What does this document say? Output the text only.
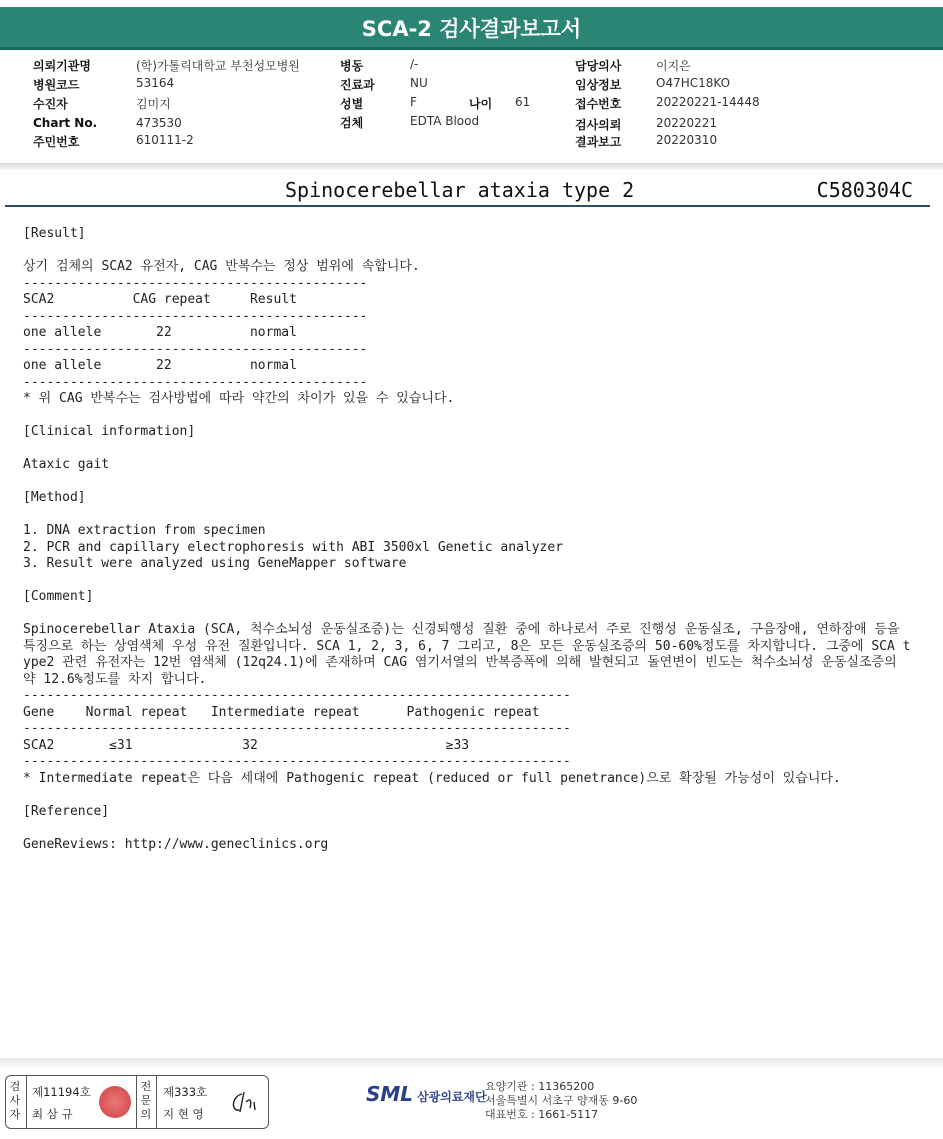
SCA-2 검사결과보고서
의뢰기관명	(학)가톨릭대학교 부천성모병원
병원코드	53164
수진자	김미지
Chart No.	473530
주민번호	610111-2
병동	/-
진료과	NU
성별	F	나이 61
검체	EDTA Blood
담당의사	이지은
임상정보	O47HC18KO
접수번호	20220221-14448
검사의뢰	20220221
결과보고	20220310
Spinocerebellar ataxia type 2	C580304C
[Result]
상기 검체의 SCA2 유전자, CAG 반복수는 정상 범위에 속합니다.
--------------------------------------------
SCA2          CAG repeat     Result
--------------------------------------------
one allele       22          normal
--------------------------------------------
one allele       22          normal
--------------------------------------------
* 위 CAG 반복수는 검사방법에 따라 약간의 차이가 있을 수 있습니다.
[Clinical information]
Ataxic gait
[Method]
1. DNA extraction from specimen
2. PCR and capillary electrophoresis with ABI 3500xl Genetic analyzer
3. Result were analyzed using GeneMapper software
[Comment]
Spinocerebellar Ataxia (SCA, 척수소뇌성 운동실조증)는 신경퇴행성 질환 중에 하나로서 주로 진행성 운동실조, 구음장애, 연하장애 등을 특징으로 하는 상염색체 우성 유전 질환입니다. SCA 1, 2, 3, 6, 7 그리고, 8은 모든 운동실조증의 50-60%정도를 차지합니다. 그중에 SCA type2 관련 유전자는 12번 염색체 (12q24.1)에 존재하며 CAG 염기서열의 반복증폭에 의해 발현되고 돌연변이 빈도는 척수소뇌성 운동실조증의 약 12.6%정도를 차지 합니다.
----------------------------------------------------------------------
Gene    Normal repeat   Intermediate repeat      Pathogenic repeat
----------------------------------------------------------------------
SCA2       ≤31              32                        ≥33
----------------------------------------------------------------------
* Intermediate repeat은 다음 세대에 Pathogenic repeat (reduced or full penetrance)으로 확장될 가능성이 있습니다.
[Reference]
GeneReviews: http://www.geneclinics.org
검사자
제11194호
최 삼 규
전문의
제333호
지 현 영
SML 삼광의료재단
요양기관 : 11365200
서울특별시 서초구 양재동 9-60
대표번호 : 1661-5117
